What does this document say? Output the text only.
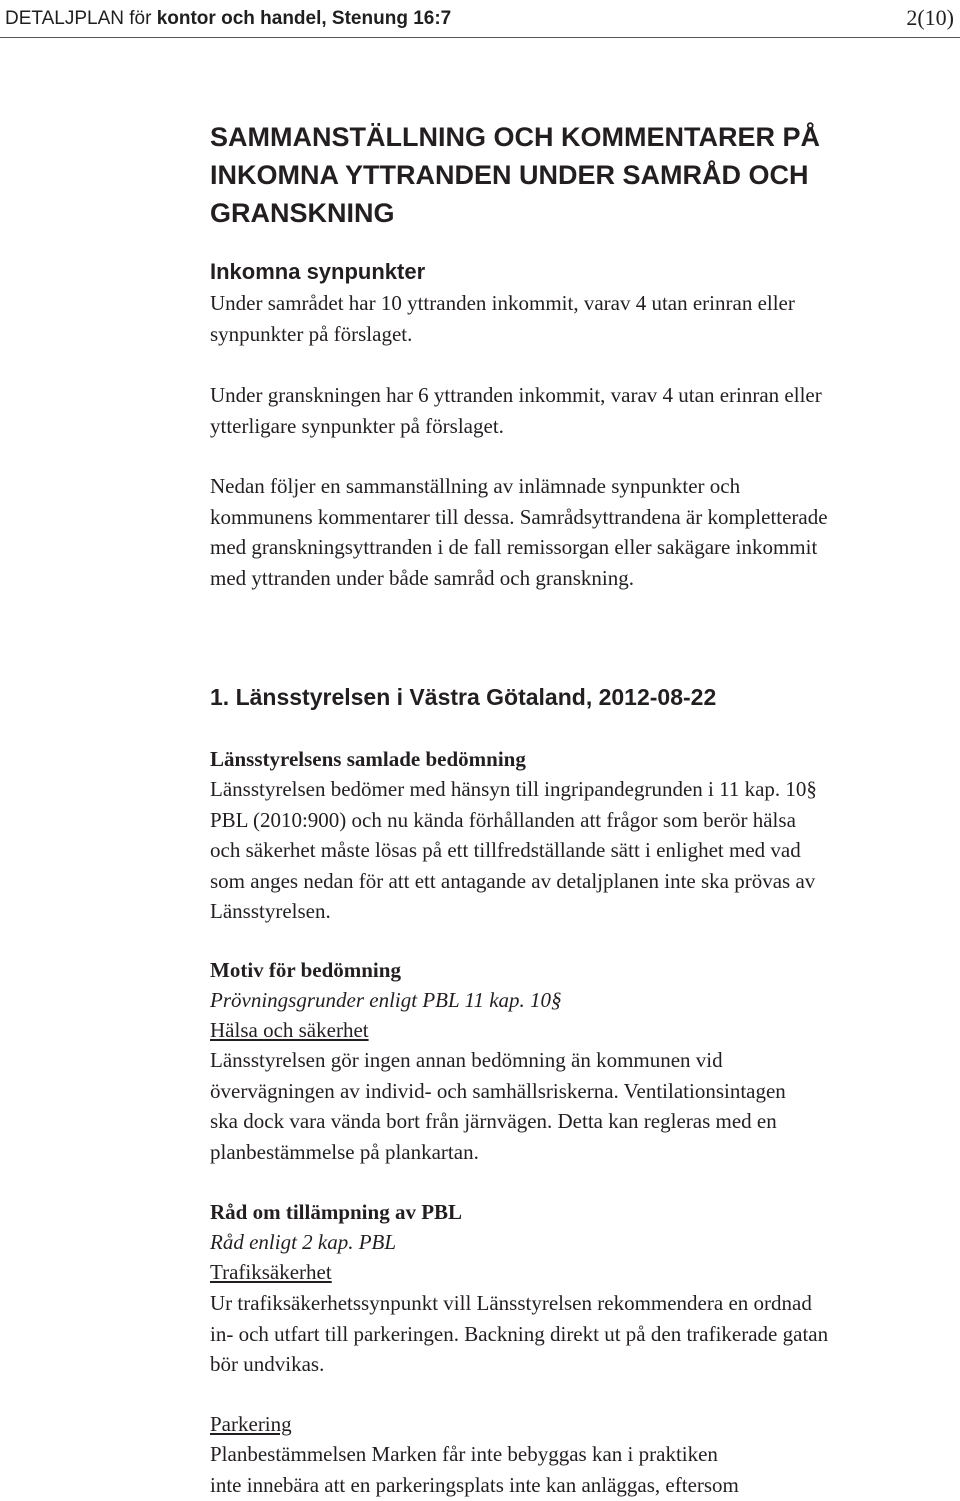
DETALJPLAN för kontor och handel, Stenung 16:7	2(10)
SAMMANSTÄLLNING OCH KOMMENTARER PÅ
INKOMNA YTTRANDEN UNDER SAMRÅD OCH
GRANSKNING
Inkomna synpunkter
Under samrådet har 10 yttranden inkommit, varav 4 utan erinran eller
synpunkter på förslaget.
Under granskningen har 6 yttranden inkommit, varav 4 utan erinran eller
ytterligare synpunkter på förslaget.
Nedan följer en sammanställning av inlämnade synpunkter och
kommunens kommentarer till dessa. Samrådsyttrandena är kompletterade
med granskningsyttranden i de fall remissorgan eller sakägare inkommit
med yttranden under både samråd och granskning.
1. Länsstyrelsen i Västra Götaland, 2012-08-22
Länsstyrelsens samlade bedömning
Länsstyrelsen bedömer med hänsyn till ingripandegrunden i 11 kap. 10§
PBL (2010:900) och nu kända förhållanden att frågor som berör hälsa
och säkerhet måste lösas på ett tillfredställande sätt i enlighet med vad
som anges nedan för att ett antagande av detaljplanen inte ska prövas av
Länsstyrelsen.
Motiv för bedömning
Prövningsgrunder enligt PBL 11 kap. 10§
Hälsa och säkerhet
Länsstyrelsen gör ingen annan bedömning än kommunen vid
övervägningen av individ- och samhällsriskerna. Ventilationsintagen
ska dock vara vända bort från järnvägen. Detta kan regleras med en
planbestämmelse på plankartan.
Råd om tillämpning av PBL
Råd enligt 2 kap. PBL
Trafiksäkerhet
Ur trafiksäkerhetssynpunkt vill Länsstyrelsen rekommendera en ordnad
in- och utfart till parkeringen. Backning direkt ut på den trafikerade gatan
bör undvikas.
Parkering
Planbestämmelsen Marken får inte bebyggas kan i praktiken
inte innebära att en parkeringsplats inte kan anläggas, eftersom
